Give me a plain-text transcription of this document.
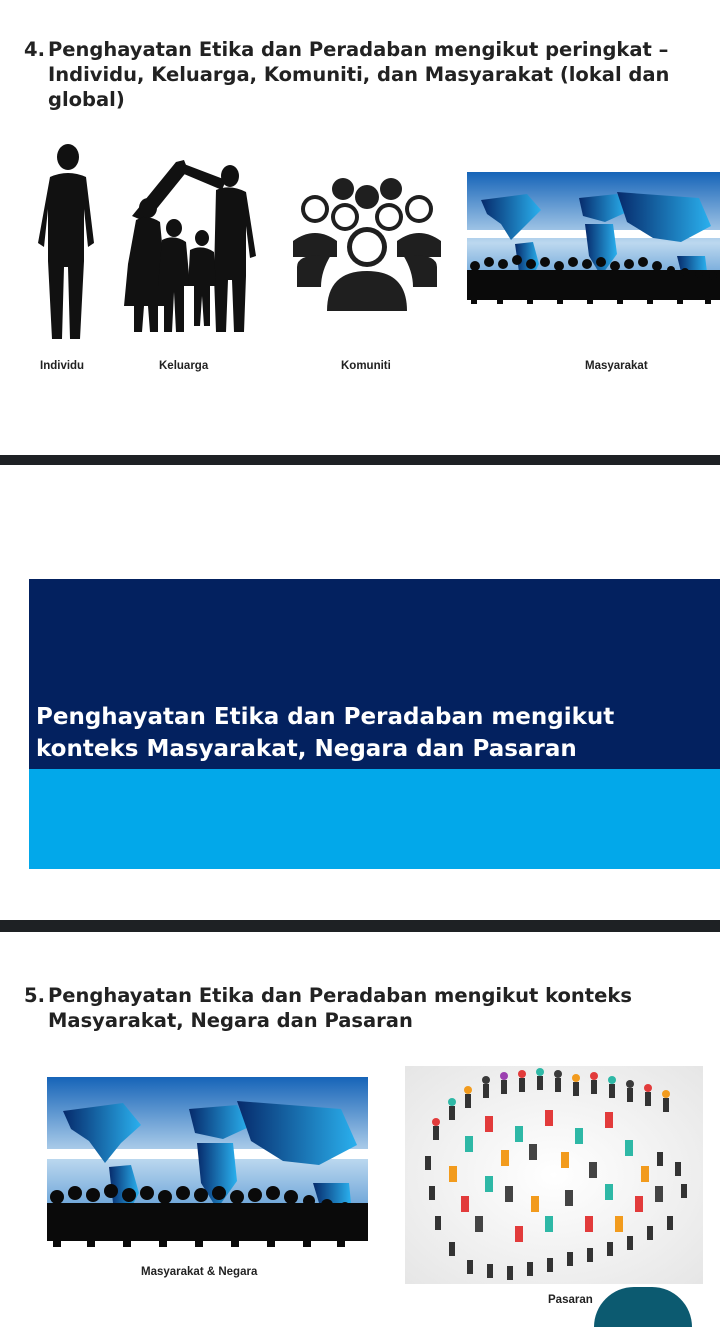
4. Penghayatan Etika dan Peradaban mengikut peringkat –
Individu, Keluarga, Komuniti, dan Masyarakat (lokal dan
global)
Individu	Keluarga	Komuniti	Masyarakat
Penghayatan Etika dan Peradaban mengikut
konteks Masyarakat, Negara dan Pasaran
5. Penghayatan Etika dan Peradaban mengikut konteks
Masyarakat, Negara dan Pasaran
Masyarakat & Negara
Pasaran
